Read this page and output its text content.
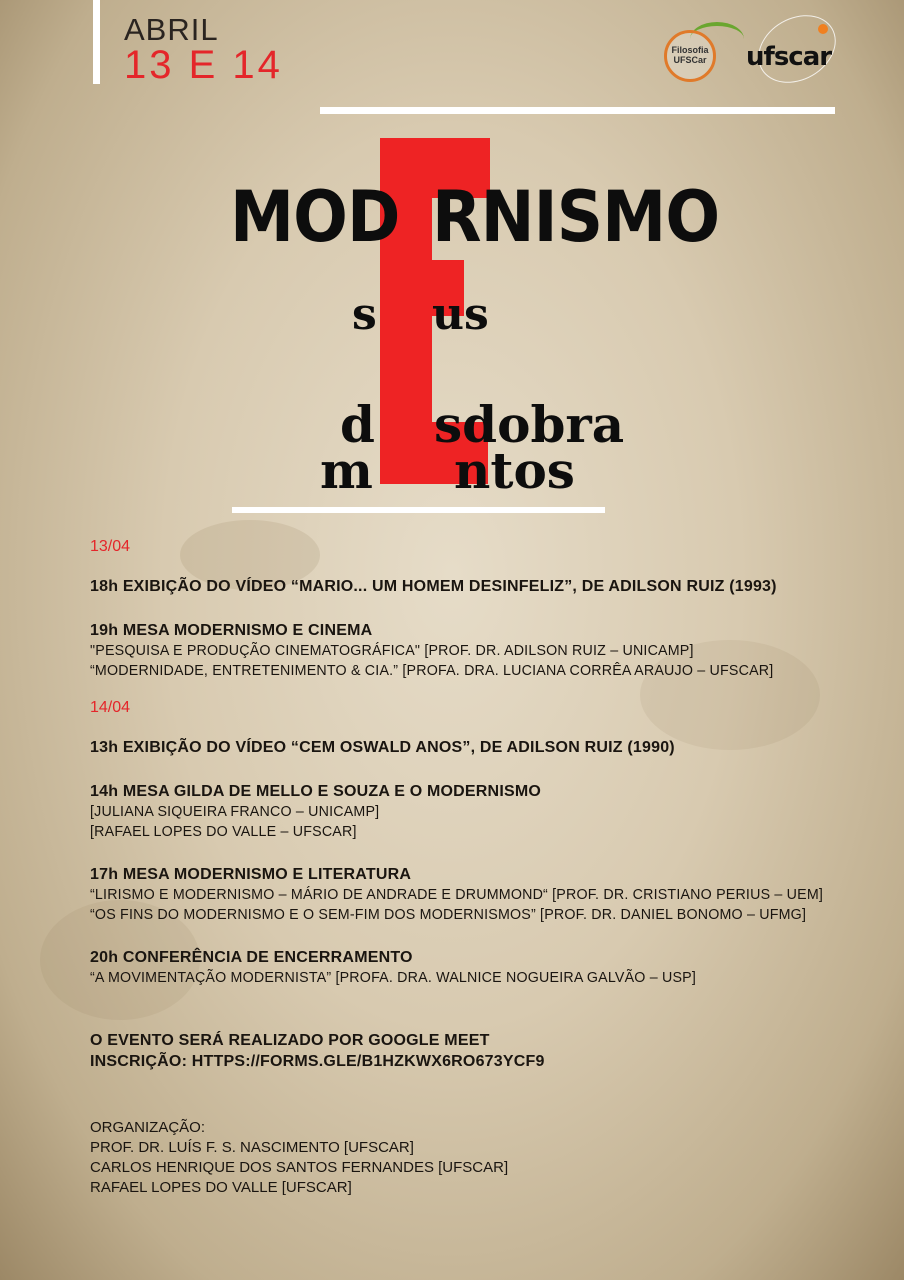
ABRIL
13 E 14	Filosofia
UFSCar ufscar
MOD RNISMO
s us
d sdobra
m ntos

13/04

18h EXIBIÇÃO DO VÍDEO “MARIO... UM HOMEM DESINFELIZ”, DE ADILSON RUIZ (1993)

19h MESA MODERNISMO E CINEMA

"PESQUISA E PRODUÇÃO CINEMATOGRÁFICA" [PROF. DR. ADILSON RUIZ – UNICAMP]

“MODERNIDADE, ENTRETENIMENTO & CIA.” [PROFA. DRA. LUCIANA CORRÊA ARAUJO – UFSCAR]

14/04

13h EXIBIÇÃO DO VÍDEO “CEM OSWALD ANOS”, DE ADILSON RUIZ (1990)

14h MESA GILDA DE MELLO E SOUZA E O MODERNISMO

[JULIANA SIQUEIRA FRANCO – UNICAMP]

[RAFAEL LOPES DO VALLE – UFSCAR]

17h MESA MODERNISMO E LITERATURA

“LIRISMO E MODERNISMO – MÁRIO DE ANDRADE E DRUMMOND“ [PROF. DR. CRISTIANO PERIUS – UEM]

“OS FINS DO MODERNISMO E O SEM-FIM DOS MODERNISMOS” [PROF. DR. DANIEL BONOMO – UFMG]

20h CONFERÊNCIA DE ENCERRAMENTO

“A MOVIMENTAÇÃO MODERNISTA” [PROFA. DRA. WALNICE NOGUEIRA GALVÃO – USP]

O EVENTO SERÁ REALIZADO POR GOOGLE MEET

INSCRIÇÃO: HTTPS://FORMS.GLE/B1HZKWX6RO673YCF9

ORGANIZAÇÃO:

PROF. DR. LUÍS F. S. NASCIMENTO [UFSCAR]

CARLOS HENRIQUE DOS SANTOS FERNANDES [UFSCAR]

RAFAEL LOPES DO VALLE [UFSCAR]
